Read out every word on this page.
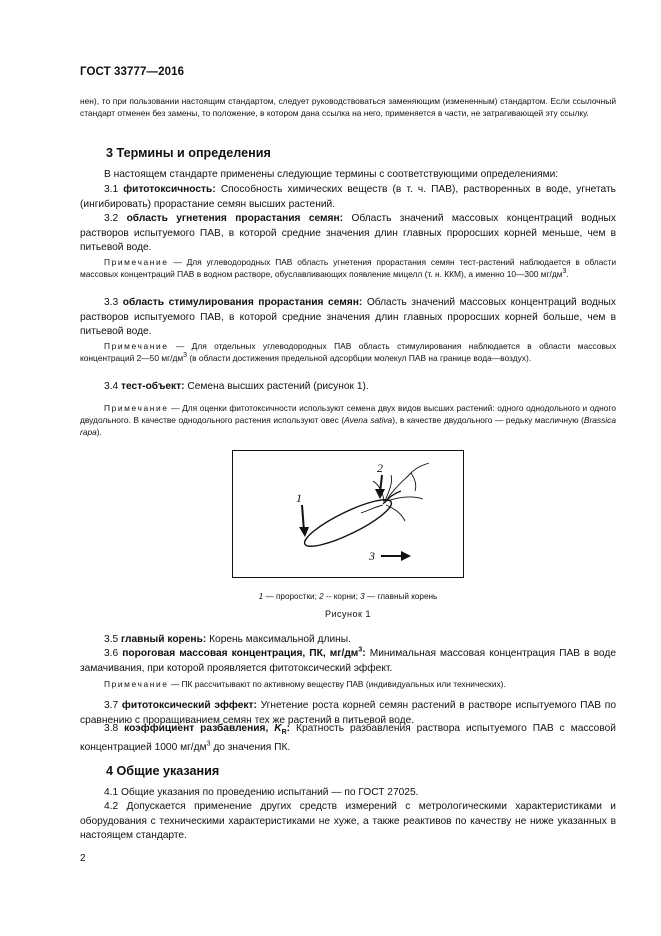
ГОСТ 33777—2016
нен), то при пользовании настоящим стандартом, следует руководствоваться заменяющим (измененным) стандартом. Если ссылочный стандарт отменен без замены, то положение, в котором дана ссылка на него, применяется в части, не затрагивающей эту ссылку.
3 Термины и определения
В настоящем стандарте применены следующие термины с соответствующими определениями:
3.1 фитотоксичность: Способность химических веществ (в т. ч. ПАВ), растворенных в воде, угнетать (ингибировать) прорастание семян высших растений.
3.2 область угнетения прорастания семян: Область значений массовых концентраций водных растворов испытуемого ПАВ, в которой средние значения длин главных проросших корней меньше, чем в питьевой воде.
Примечание — Для углеводородных ПАВ область угнетения прорастания семян тест-растений наблюдается в области массовых концентраций ПАВ в водном растворе, обуславливающих появление мицелл (т. н. ККМ), а именно 10—300 $мг/дм^3$.
3.3 область стимулирования прорастания семян: Область значений массовых концентраций водных растворов испытуемого ПАВ, в которой средние значения длин главных проросших корней больше, чем в питьевой воде.
Примечание — Для отдельных углеводородных ПАВ область стимулирования наблюдается в области массовых концентраций 2—50 $мг/дм^3$ (в области достижения предельной адсорбции молекул ПАВ на границе вода—воздух).
3.4 тест-объект: Семена высших растений (рисунок 1).
Примечание — Для оценки фитотоксичности используют семена двух видов высших растений: одного однодольного и одного двудольного. В качестве однодольного растения используют овес (Avena sativa), в качестве двудольного — редьку масличную (Brassica rapa).
1
2
3
1 — проростки; 2 -- корни; 3 — главный корень
Рисунок 1
3.5 главный корень: Корень максимальной длины.
3.6 пороговая массовая концентрация, ПК, $мг/дм^3$: Минимальная массовая концентрация ПАВ в воде замачивания, при которой проявляется фитотоксический эффект.
Примечание — ПК рассчитывают по активному веществу ПАВ (индивидуальных или технических).
3.7 фитотоксический эффект: Угнетение роста корней семян растений в растворе испытуемого ПАВ по сравнению с проращиванием семян тех же растений в питьевой воде.
3.8 коэффициент разбавления, $K_R$: Кратность разбавления раствора испытуемого ПАВ с массовой концентрацией 1000 $мг/дм^3$ до значения ПК.
4 Общие указания
4.1 Общие указания по проведению испытаний — по ГОСТ 27025.
4.2 Допускается применение других средств измерений с метрологическими характеристиками и оборудования с техническими характеристиками не хуже, а также реактивов по качеству не ниже указанных в настоящем стандарте.
2
